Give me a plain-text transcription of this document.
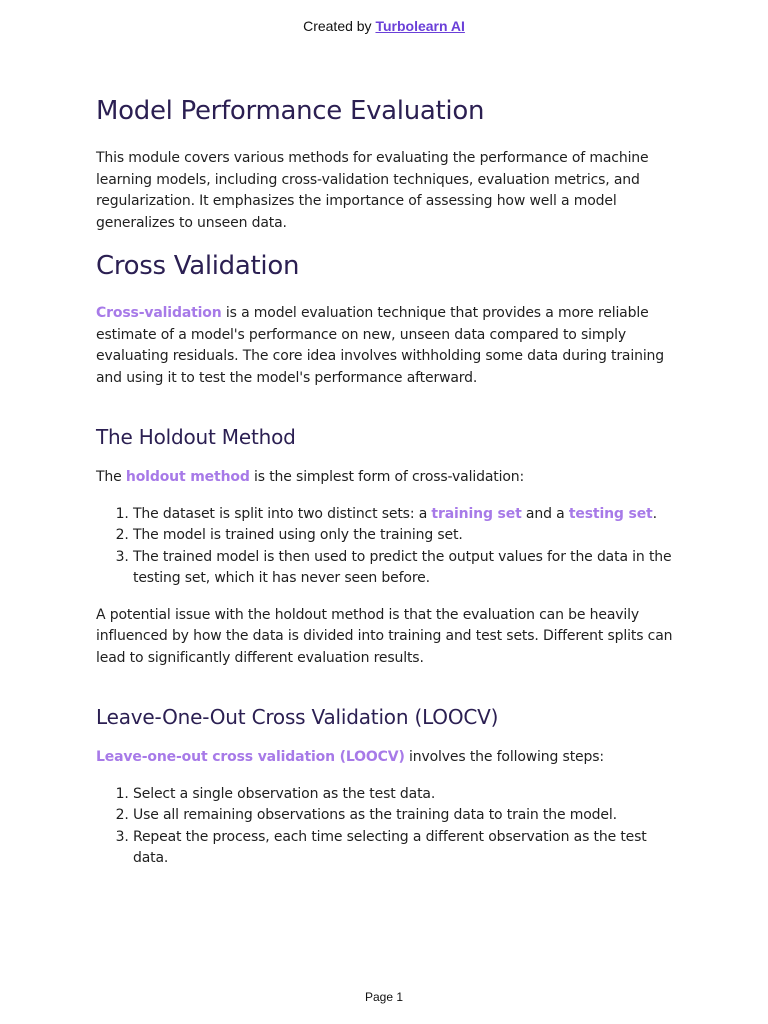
Created by Turbolearn AI
Model Performance Evaluation

This module covers various methods for evaluating the performance of machine learning models, including cross-validation techniques, evaluation metrics, and regularization. It emphasizes the importance of assessing how well a model generalizes to unseen data.

Cross Validation

Cross-validation is a model evaluation technique that provides a more reliable estimate of a model's performance on new, unseen data compared to simply evaluating residuals. The core idea involves withholding some data during training and using it to test the model's performance afterward.

The Holdout Method

The holdout method is the simplest form of cross-validation:

1. The dataset is split into two distinct sets: a training set and a testing set.
2. The model is trained using only the training set.
3. The trained model is then used to predict the output values for the data in the testing set, which it has never seen before.

A potential issue with the holdout method is that the evaluation can be heavily influenced by how the data is divided into training and test sets. Different splits can lead to significantly different evaluation results.

Leave-One-Out Cross Validation (LOOCV)

Leave-one-out cross validation (LOOCV) involves the following steps:

1. Select a single observation as the test data.
2. Use all remaining observations as the training data to train the model.
3. Repeat the process, each time selecting a different observation as the test data.
Page 1
